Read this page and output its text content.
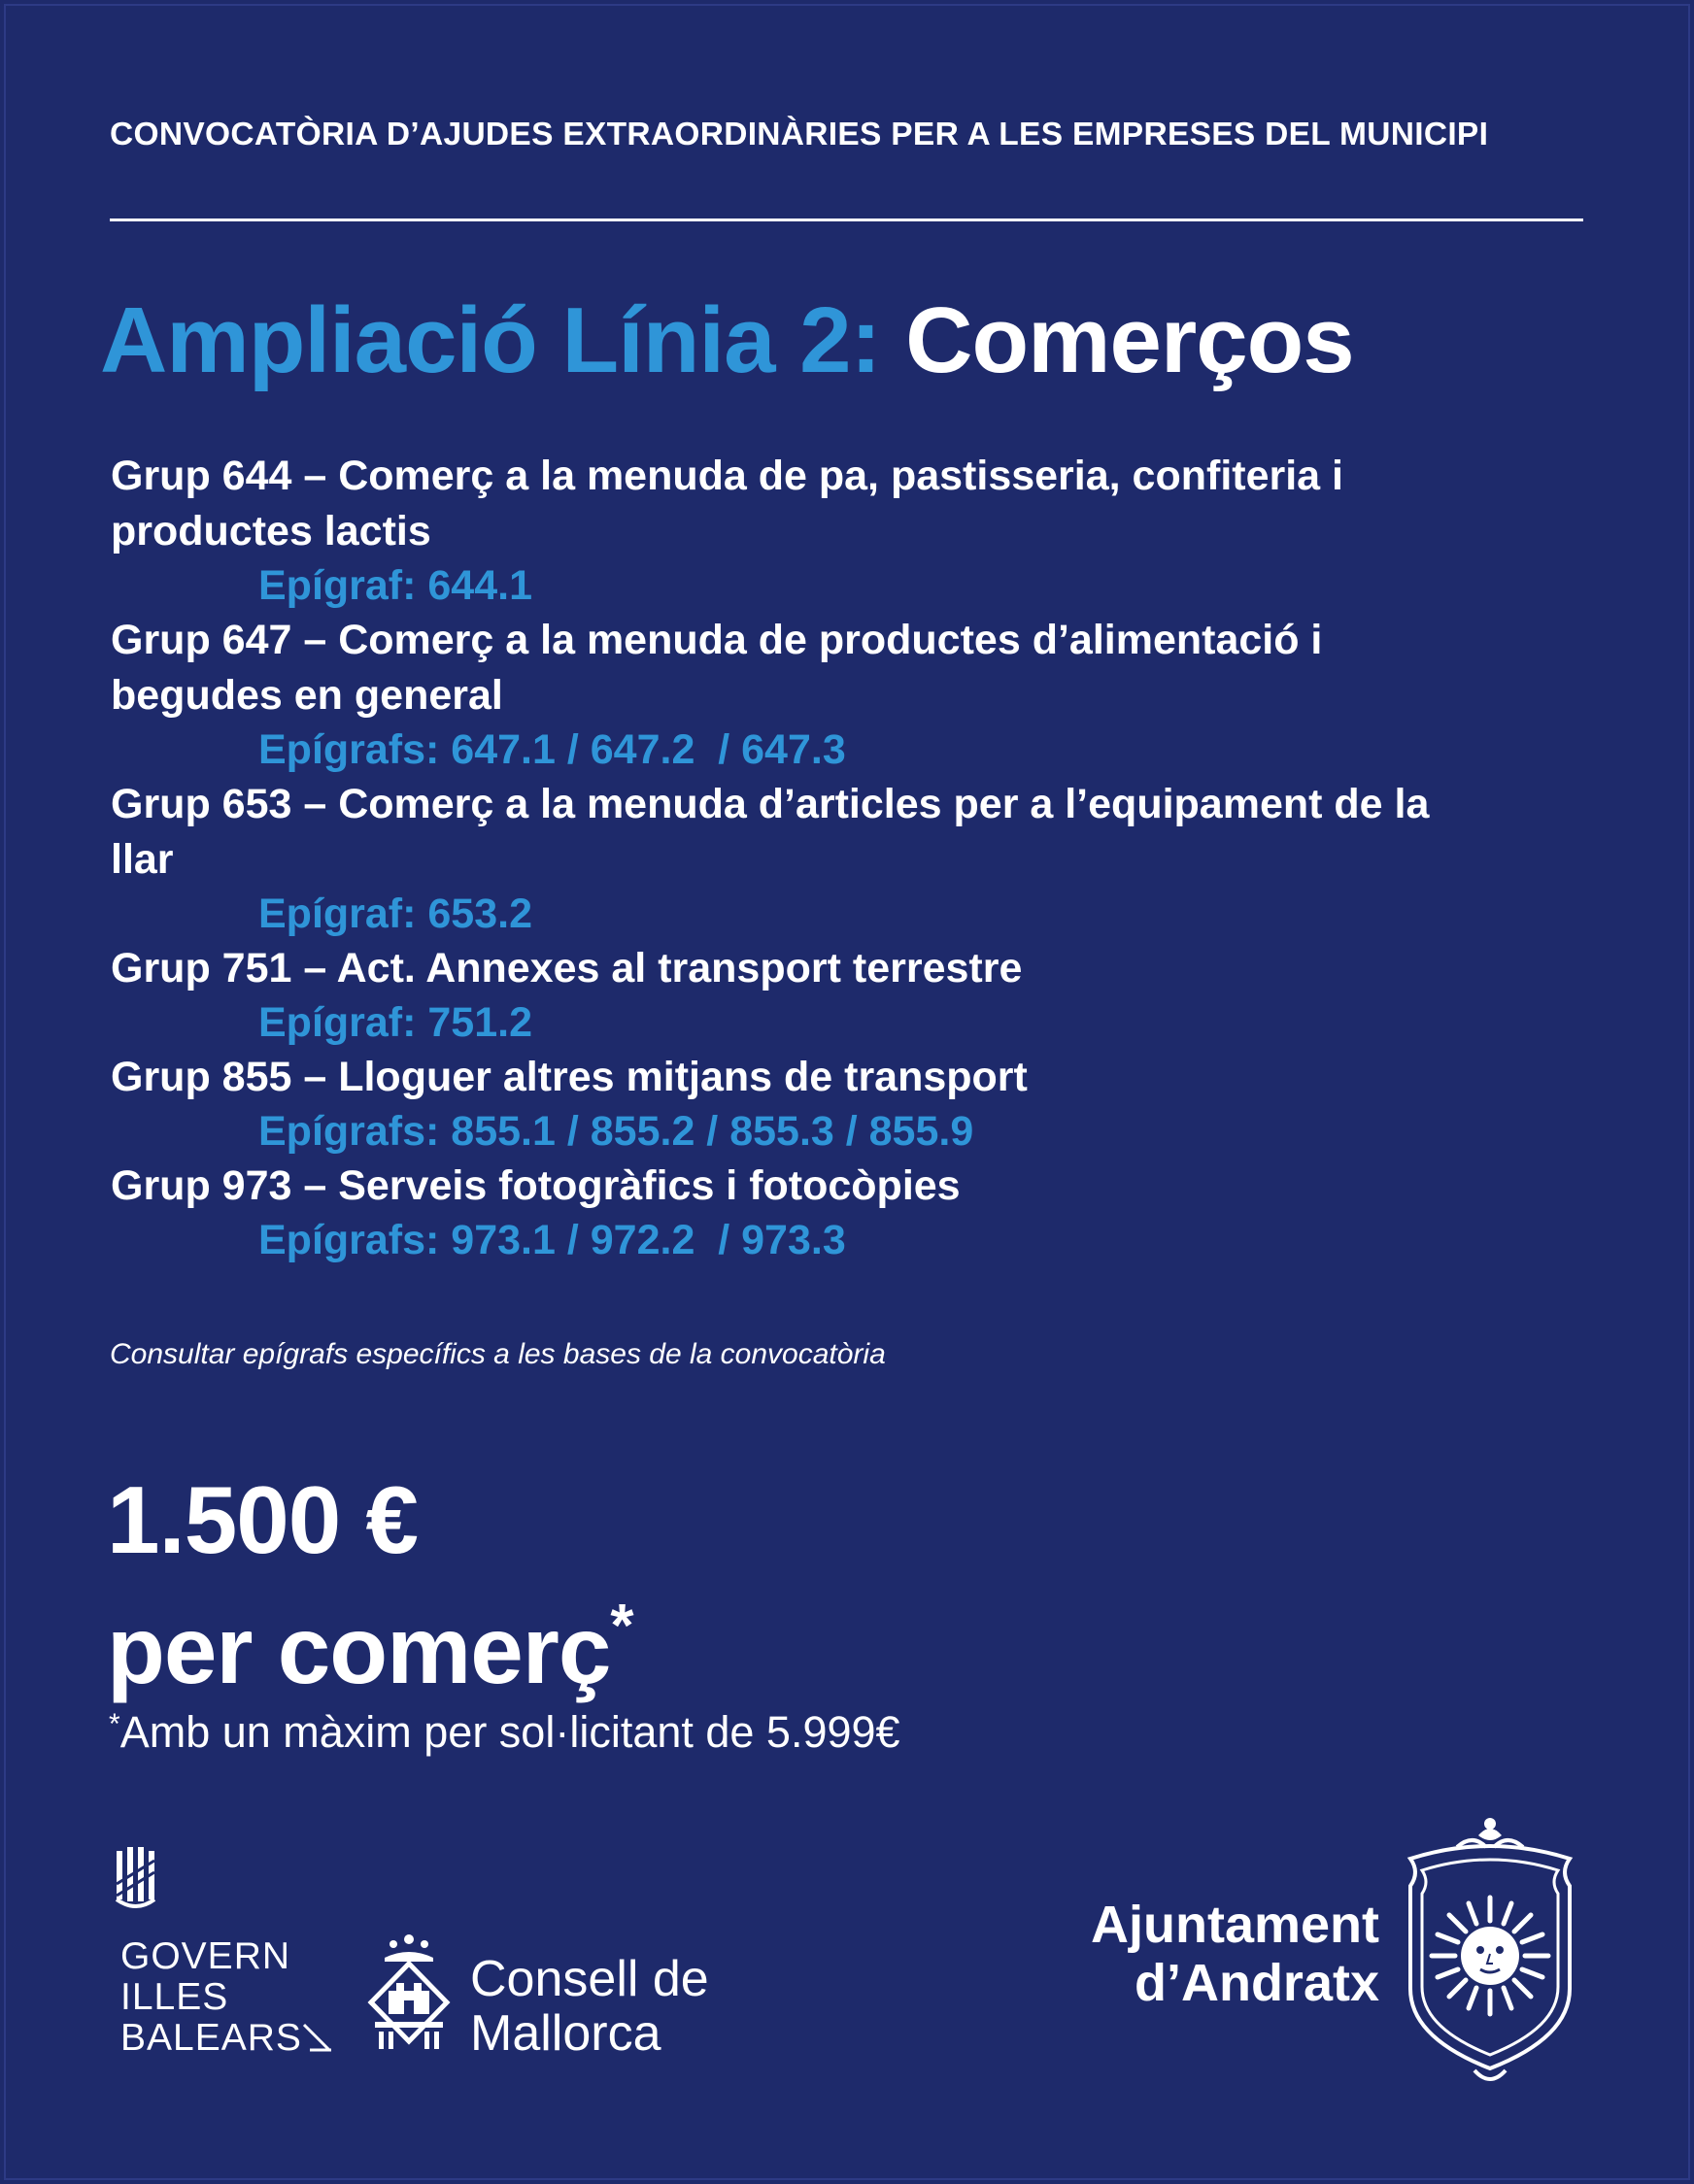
CONVOCATÒRIA D’AJUDES EXTRAORDINÀRIES PER A LES EMPRESES DEL MUNICIPI
Ampliació Línia 2: Comerços
Grup 644 – Comerç a la menuda de pa, pastisseria, confiteria i
productes lactis
Epígraf: 644.1
Grup 647 – Comerç a la menuda de productes d’alimentació i
begudes en general
Epígrafs: 647.1 / 647.2  / 647.3
Grup 653 – Comerç a la menuda d’articles per a l’equipament de la
llar
Epígraf: 653.2
Grup 751 – Act. Annexes al transport terrestre
Epígraf: 751.2
Grup 855 – Lloguer altres mitjans de transport
Epígrafs: 855.1 / 855.2 / 855.3 / 855.9
Grup 973 – Serveis fotogràfics i fotocòpies
Epígrafs: 973.1 / 972.2  / 973.3
Consultar epígrafs específics a les bases de la convocatòria
1.500 €
per comerç*
*Amb un màxim per sol·licitant de 5.999€
GOVERN
ILLES
BALEARS
Consell de
Mallorca
Ajuntament
d’Andratx
